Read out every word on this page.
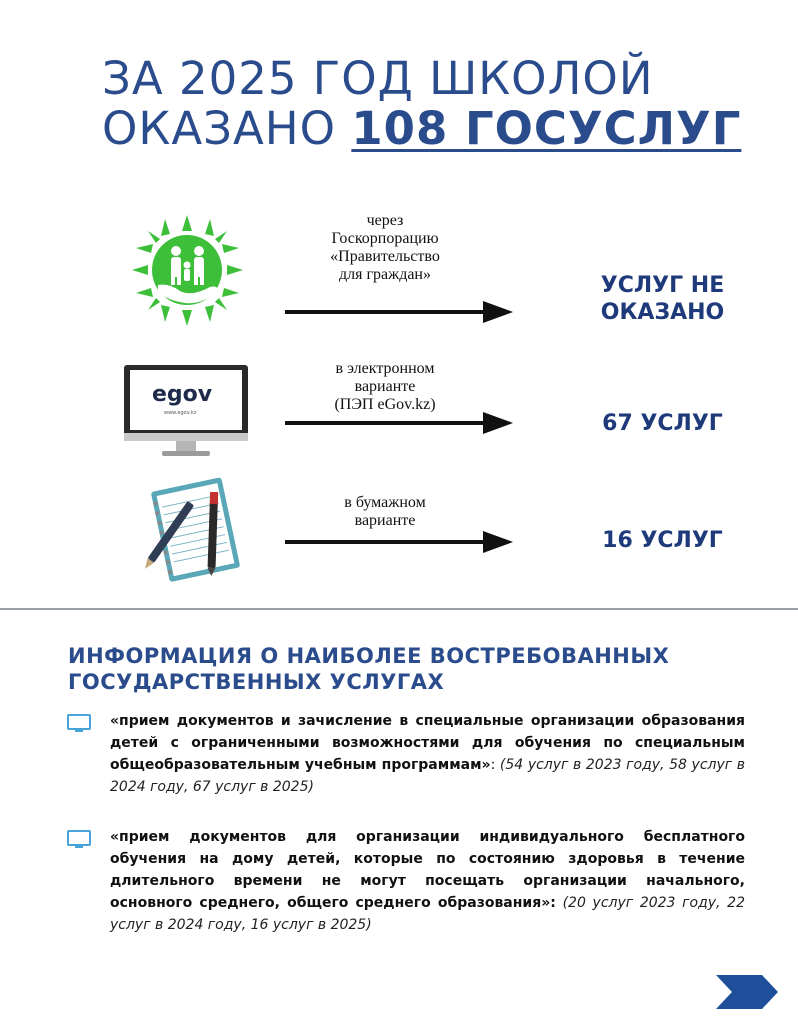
ЗА 2025 ГОД ШКОЛОЙ
ОКАЗАНО 108 ГОСУСЛУГ
через
Госкорпорацию
«Правительство
для граждан»	УСЛУГ НЕ
ОКАЗАНО
egov
www.egov.kz
в электронном
варианте
(ПЭП eGov.kz)
67 УСЛУГ
в бумажном
варианте
16 УСЛУГ
ИНФОРМАЦИЯ О НАИБОЛЕЕ ВОСТРЕБОВАННЫХ
ГОСУДАРСТВЕННЫХ УСЛУГАХ
«прием документов и зачисление в специальные организации образования детей с ограниченными возможностями для обучения по специальным общеобразовательным учебным программам»: (54 услуг в 2023 году, 58 услуг в 2024 году, 67 услуг в 2025)
«прием документов для организации индивидуального бесплатного обучения на дому детей, которые по состоянию здоровья в течение длительного времени не могут посещать организации начального, основного среднего, общего среднего образования»: (20 услуг 2023 году, 22 услуг в 2024 году, 16 услуг в 2025)
